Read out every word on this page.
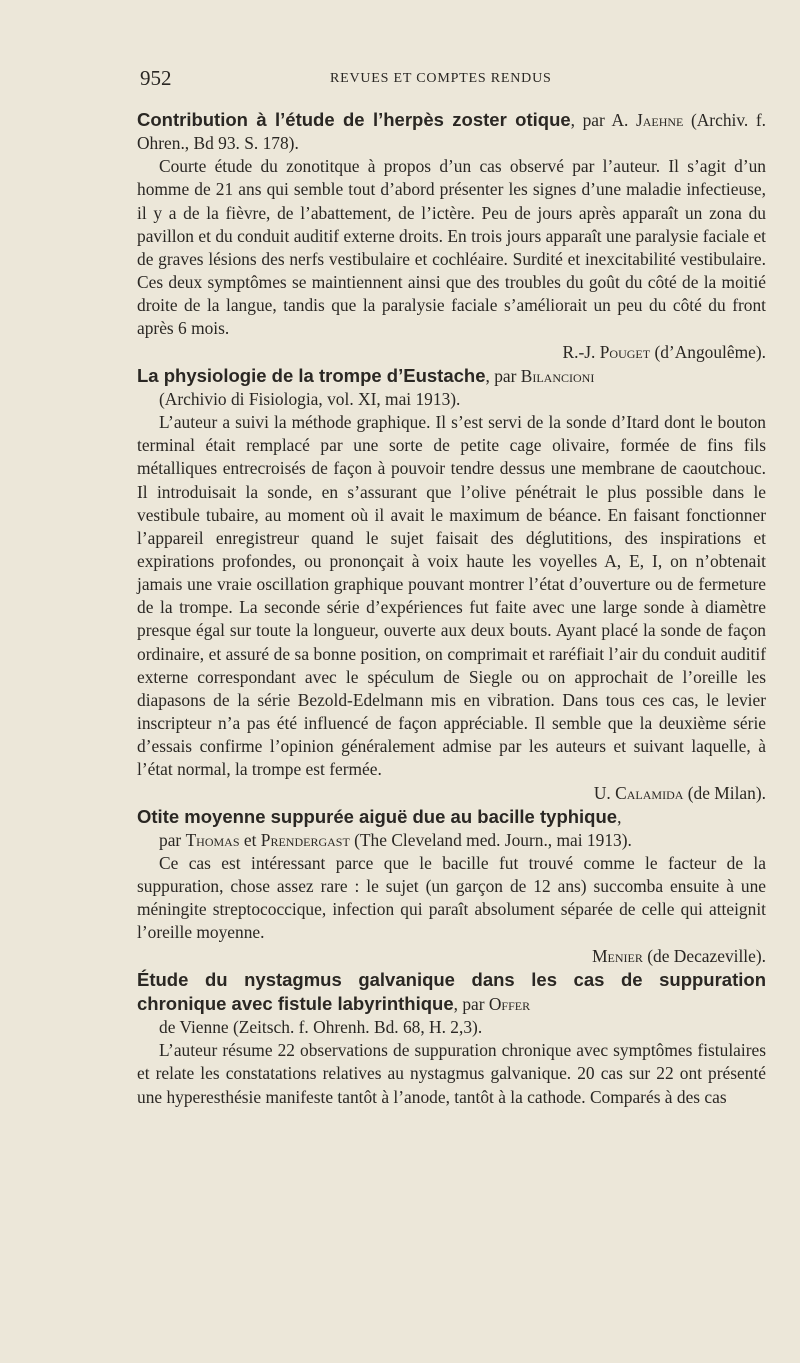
952	REVUES ET COMPTES RENDUS

Contribution à l’étude de l’herpès zoster otique, par A. Jaehne (Archiv. f. Ohren., Bd 93. S. 178).

Courte étude du zonotitque à propos d’un cas observé par l’auteur. Il s’agit d’un homme de 21 ans qui semble tout d’abord présenter les signes d’une maladie infectieuse, il y a de la fièvre, de l’abattement, de l’ictère. Peu de jours après apparaît un zona du pavillon et du conduit auditif externe droits. En trois jours apparaît une paralysie faciale et de graves lésions des nerfs vestibulaire et cochléaire. Surdité et inexcitabilité vestibulaire. Ces deux symptômes se maintiennent ainsi que des troubles du goût du côté de la moitié droite de la langue, tandis que la paralysie faciale s’améliorait un peu du côté du front après 6 mois.

R.-J. Pouget (d’Angoulême).

La physiologie de la trompe d’Eustache, par Bilancioni

(Archivio di Fisiologia, vol. XI, mai 1913).

L’auteur a suivi la méthode graphique. Il s’est servi de la sonde d’Itard dont le bouton terminal était remplacé par une sorte de petite cage olivaire, formée de fins fils métalliques entrecroisés de façon à pouvoir tendre dessus une membrane de caoutchouc. Il introduisait la sonde, en s’assurant que l’olive pénétrait le plus possible dans le vestibule tubaire, au moment où il avait le maximum de béance. En faisant fonctionner l’appareil enregistreur quand le sujet faisait des déglutitions, des inspirations et expirations profondes, ou prononçait à voix haute les voyelles A, E, I, on n’obtenait jamais une vraie oscillation graphique pouvant montrer l’état d’ouverture ou de fermeture de la trompe. La seconde série d’expériences fut faite avec une large sonde à diamètre presque égal sur toute la longueur, ouverte aux deux bouts. Ayant placé la sonde de façon ordinaire, et assuré de sa bonne position, on comprimait et raréfiait l’air du conduit auditif externe correspondant avec le spéculum de Siegle ou on approchait de l’oreille les diapasons de la série Bezold-Edelmann mis en vibration. Dans tous ces cas, le levier inscripteur n’a pas été influencé de façon appréciable. Il semble que la deuxième série d’essais confirme l’opinion généralement admise par les auteurs et suivant laquelle, à l’état normal, la trompe est fermée.

U. Calamida (de Milan).

Otite moyenne suppurée aiguë due au bacille typhique,

par Thomas et Prendergast (The Cleveland med. Journ., mai 1913).

Ce cas est intéressant parce que le bacille fut trouvé comme le facteur de la suppuration, chose assez rare : le sujet (un garçon de 12 ans) succomba ensuite à une méningite streptococcique, infection qui paraît absolument séparée de celle qui atteignit l’oreille moyenne.

Menier (de Decazeville).

Étude du nystagmus galvanique dans les cas de suppuration chronique avec fistule labyrinthique, par Offer

de Vienne (Zeitsch. f. Ohrenh. Bd. 68, H. 2,3).

L’auteur résume 22 observations de suppuration chronique avec symptômes fistulaires et relate les constatations relatives au nystagmus galvanique. 20 cas sur 22 ont présenté une hyperesthésie manifeste tantôt à l’anode, tantôt à la cathode. Comparés à des cas
